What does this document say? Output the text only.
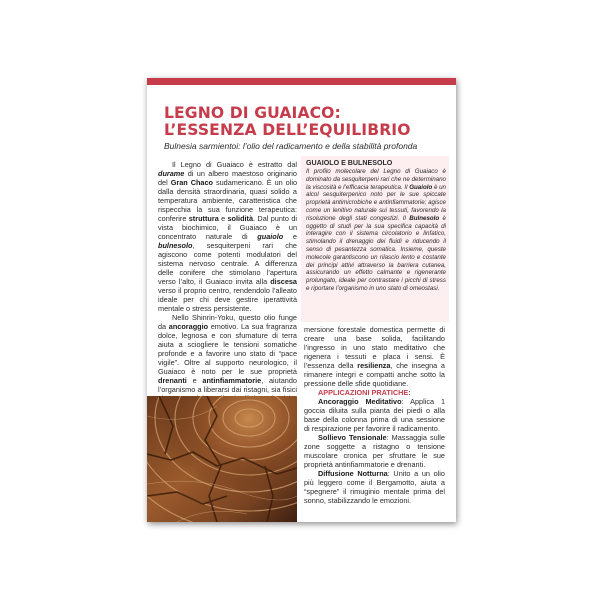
LEGNO DI GUAIACO:
L’ESSENZA DELL’EQUILIBRIO

Bulnesia sarmientoi: l’olio del radicamento e della stabilità profonda

Il Legno di Guaiaco è estratto dal durame di un albero maestoso originario del Gran Chaco sudamericano. È un olio dalla densità straordinaria, quasi solido a temperatura ambiente, caratteristica che rispecchia la sua funzione terapeutica: conferire struttura e solidità. Dal punto di vista biochimico, il Guaiaco è un concentrato naturale di guaiolo e bulnesolo, sesquiterpeni rari che agiscono come potenti modulatori del sistema nervoso centrale. A differenza delle conifere che stimolano l’apertura verso l’alto, il Guaiaco invita alla discesa verso il proprio centro, rendendolo l’alleato ideale per chi deve gestire iperattività mentale o stress persistente.

Nello Shinrin-Yoku, questo olio funge da ancoraggio emotivo. La sua fragranza dolce, legnosa e con sfumature di terra aiuta a sciogliere le tensioni somatiche profonde e a favorire uno stato di “pace vigile”. Oltre al supporto neurologico, il Guaiaco è noto per le sue proprietà drenanti e antinfiammatorie, aiutando l’organismo a liberarsi dai ristagni, sia fisici

GUAIOLO E BULNESOLO

Il profilo molecolare del Legno di Guaiaco è dominato da sesquiterpeni rari che ne determinano la viscosità e l’efficacia terapeutica. Il Guaiolo è un alcol sesquiterpenico noto per le sue spiccate proprietà antimicrobiche e antinfiammatorie; agisce come un lenitivo naturale sui tessuti, favorendo la risoluzione degli stati congestizi. Il Bulnesolo è oggetto di studi per la sua specifica capacità di interagire con il sistema circolatorio e linfatico, stimolando il drenaggio dei fluidi e riducendo il senso di pesantezza somatica. Insieme, queste molecole garantiscono un rilascio lento e costante dei principi attivi attraverso la barriera cutanea, assicurando un effetto calmante e rigenerante prolungato, ideale per contrastare i picchi di stress e riportare l’organismo in uno stato di omeostasi.

mersione forestale domestica permette di creare una base solida, facilitando l’ingresso in uno stato meditativo che rigenera i tessuti e placa i sensi. È l’essenza della resilienza, che insegna a rimanere integri e compatti anche sotto la pressione delle sfide quotidiane.

APPLICAZIONI PRATICHE:

Ancoraggio Meditativo: Applica 1 goccia diluita sulla pianta dei piedi o alla base della colonna prima di una sessione di respirazione per favorire il radicamento.

Sollievo Tensionale: Massaggia sulle zone soggette a ristagno o tensione muscolare cronica per sfruttare le sue proprietà antinfiammatorie e drenanti.

Diffusione Notturna: Unito a un olio più leggero come il Bergamotto, aiuta a “spegnere” il rimuginio mentale prima del sonno, stabilizzando le emozioni.
